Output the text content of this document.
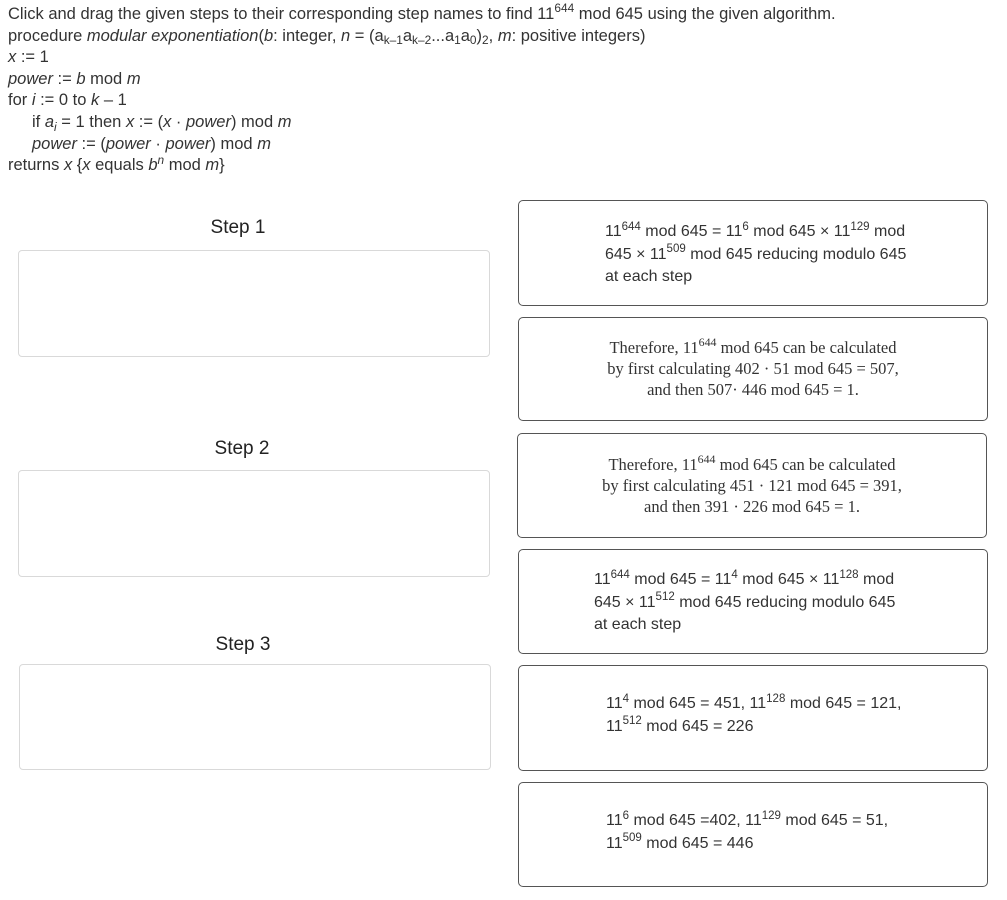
Click and drag the given steps to their corresponding step names to find $11^{644}$ mod 645 using the given algorithm.
procedure modular exponentiation(b: integer, $n = (a_{k-1}a_{k-2}...a_1a_0)_2$, m: positive integers)
x := 1
power := b mod m
for i := 0 to k – 1
if $a_i = 1$ then x := (x · power) mod m
power := (power · power) mod m
returns x {x equals $b^n$ mod m}
Step 1
Step 2
Step 3
$11^{644}$ mod $645 = 11^6$ mod $645 \times 11^{129}$ mod
$645 \times 11^{509}$ mod 645 reducing modulo 645
at each step
Therefore, $11^{644}$ mod 645 can be calculated
by first calculating 402 · 51 mod 645 = 507,
and then 507· 446 mod 645 = 1.
Therefore, $11^{644}$ mod 645 can be calculated
by first calculating 451 · 121 mod 645 = 391,
and then 391 · 226 mod 645 = 1.
$11^{644}$ mod $645 = 11^4$ mod $645 \times 11^{128}$ mod
$645 \times 11^{512}$ mod 645 reducing modulo 645
at each step
$11^4$ mod 645 = 451, $11^{128}$ mod 645 = 121,
$11^{512}$ mod 645 = 226
$11^6$ mod 645 =402, $11^{129}$ mod 645 = 51,
$11^{509}$ mod 645 = 446
